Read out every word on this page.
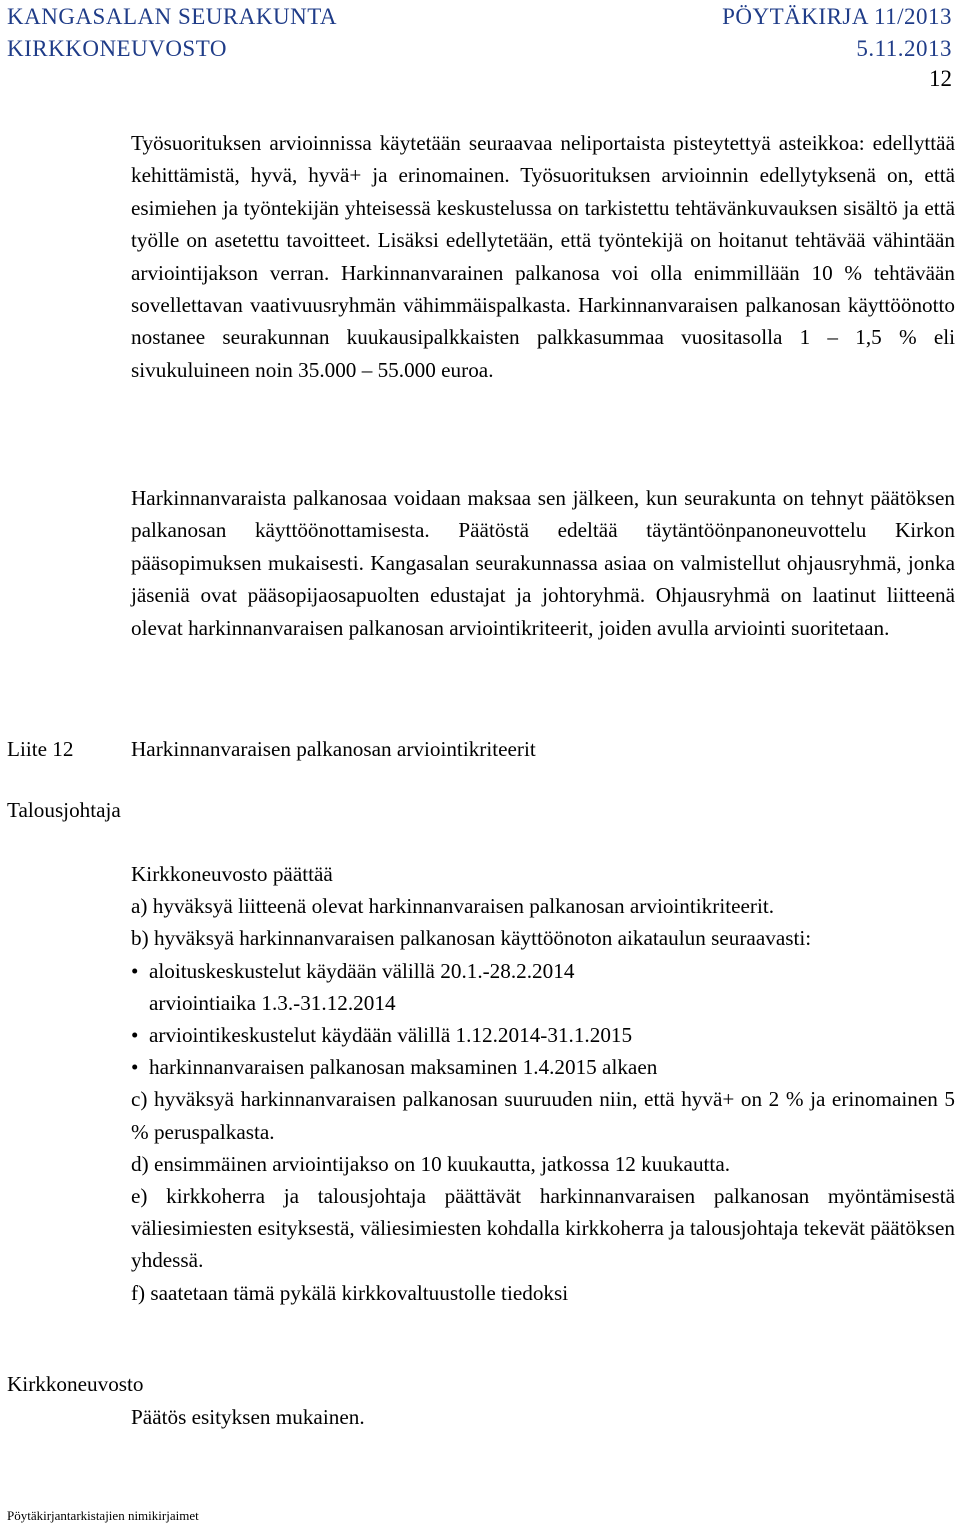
KANGASALAN SEURAKUNTA	PÖYTÄKIRJA 11/2013
KIRKKONEUVOSTO	5.11.2013
12

Työsuorituksen arvioinnissa käytetään seuraavaa neliportaista pisteytettyä asteikkoa: edellyttää kehittämistä, hyvä, hyvä+ ja erinomainen. Työsuorituksen arvioinnin edellytyksenä on, että esimiehen ja työntekijän yhteisessä keskustelussa on tarkistettu tehtävänkuvauksen sisältö ja että työlle on asetettu tavoitteet. Lisäksi edellytetään, että työntekijä on hoitanut tehtävää vähintään arviointijakson verran. Harkinnanvarainen palkanosa voi olla enimmillään 10 % tehtävään sovellettavan vaativuusryhmän vähimmäispalkasta. Harkinnanvaraisen palkanosan käyttöönotto nostanee seurakunnan kuukausipalkkaisten palkkasummaa vuositasolla 1 – 1,5 % eli sivukuluineen noin 35.000 – 55.000 euroa.

Harkinnanvaraista palkanosaa voidaan maksaa sen jälkeen, kun seurakunta on tehnyt päätöksen palkanosan käyttöönottamisesta. Päätöstä edeltää täytäntöönpanoneuvottelu Kirkon pääsopimuksen mukaisesti. Kangasalan seurakunnassa asiaa on valmistellut ohjausryhmä, jonka jäseniä ovat pääsopijaosapuolten edustajat ja johtoryhmä. Ohjausryhmä on laatinut liitteenä olevat harkinnanvaraisen palkanosan arviointikriteerit, joiden avulla arviointi suoritetaan.

Liite 12	Harkinnanvaraisen palkanosan arviointikriteerit
Talousjohtaja

Kirkkoneuvosto päättää

a) hyväksyä liitteenä olevat harkinnanvaraisen palkanosan arviointikriteerit.

b) hyväksyä harkinnanvaraisen palkanosan käyttöönoton aikataulun seuraavasti:

• aloituskeskustelut käydään välillä 20.1.-28.2.2014
arviointiaika 1.3.-31.12.2014
• arviointikeskustelut käydään välillä 1.12.2014-31.1.2015
• harkinnanvaraisen palkanosan maksaminen 1.4.2015 alkaen

c) hyväksyä harkinnanvaraisen palkanosan suuruuden niin, että hyvä+ on 2 % ja erinomainen 5 % peruspalkasta.

d) ensimmäinen arviointijakso on 10 kuukautta, jatkossa 12 kuukautta.

e) kirkkoherra ja talousjohtaja päättävät harkinnanvaraisen palkanosan myöntämisestä väliesimiesten esityksestä, väliesimiesten kohdalla kirkkoherra ja talousjohtaja tekevät päätöksen yhdessä.

f) saatetaan tämä pykälä kirkkovaltuustolle tiedoksi

Kirkkoneuvosto
Päätös esityksen mukainen.
Pöytäkirjantarkistajien nimikirjaimet
